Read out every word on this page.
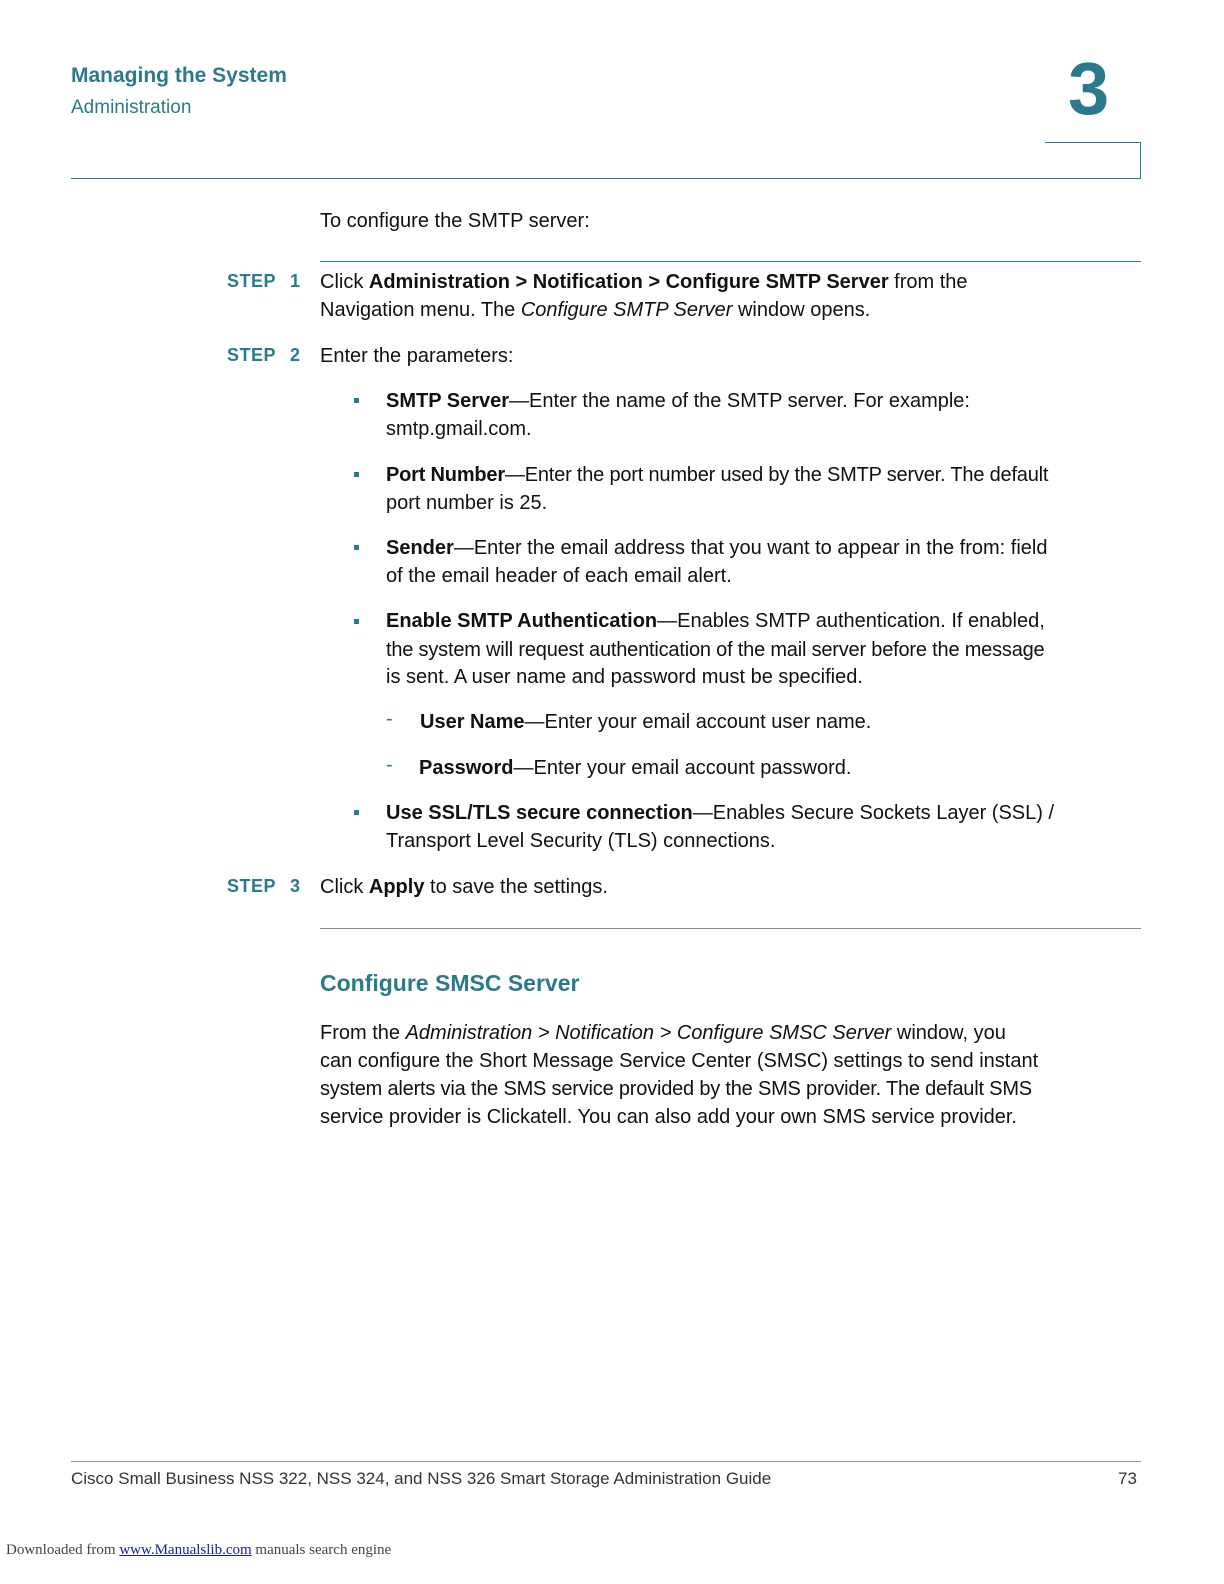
Managing the System
Administration	3
To configure the SMTP server:
STEP 1 Click Administration > Notification > Configure SMTP Server from the
Navigation menu. The Configure SMTP Server window opens.
STEP 2 Enter the parameters:
SMTP Server—Enter the name of the SMTP server. For example:
smtp.gmail.com.
Port Number—Enter the port number used by the SMTP server. The default
port number is 25.
Sender—Enter the email address that you want to appear in the from: field
of the email header of each email alert.
Enable SMTP Authentication—Enables SMTP authentication. If enabled,
the system will request authentication of the mail server before the message
is sent. A user name and password must be specified.
- User Name—Enter your email account user name.
- Password—Enter your email account password.
Use SSL/TLS secure connection—Enables Secure Sockets Layer (SSL) /
Transport Level Security (TLS) connections.
STEP 3 Click Apply to save the settings.
Configure SMSC Server
From the Administration > Notification > Configure SMSC Server window, you
can configure the Short Message Service Center (SMSC) settings to send instant
system alerts via the SMS service provided by the SMS provider. The default SMS
service provider is Clickatell. You can also add your own SMS service provider.
Cisco Small Business NSS 322, NSS 324, and NSS 326 Smart Storage Administration Guide	73
Downloaded from www.Manualslib.com manuals search engine
